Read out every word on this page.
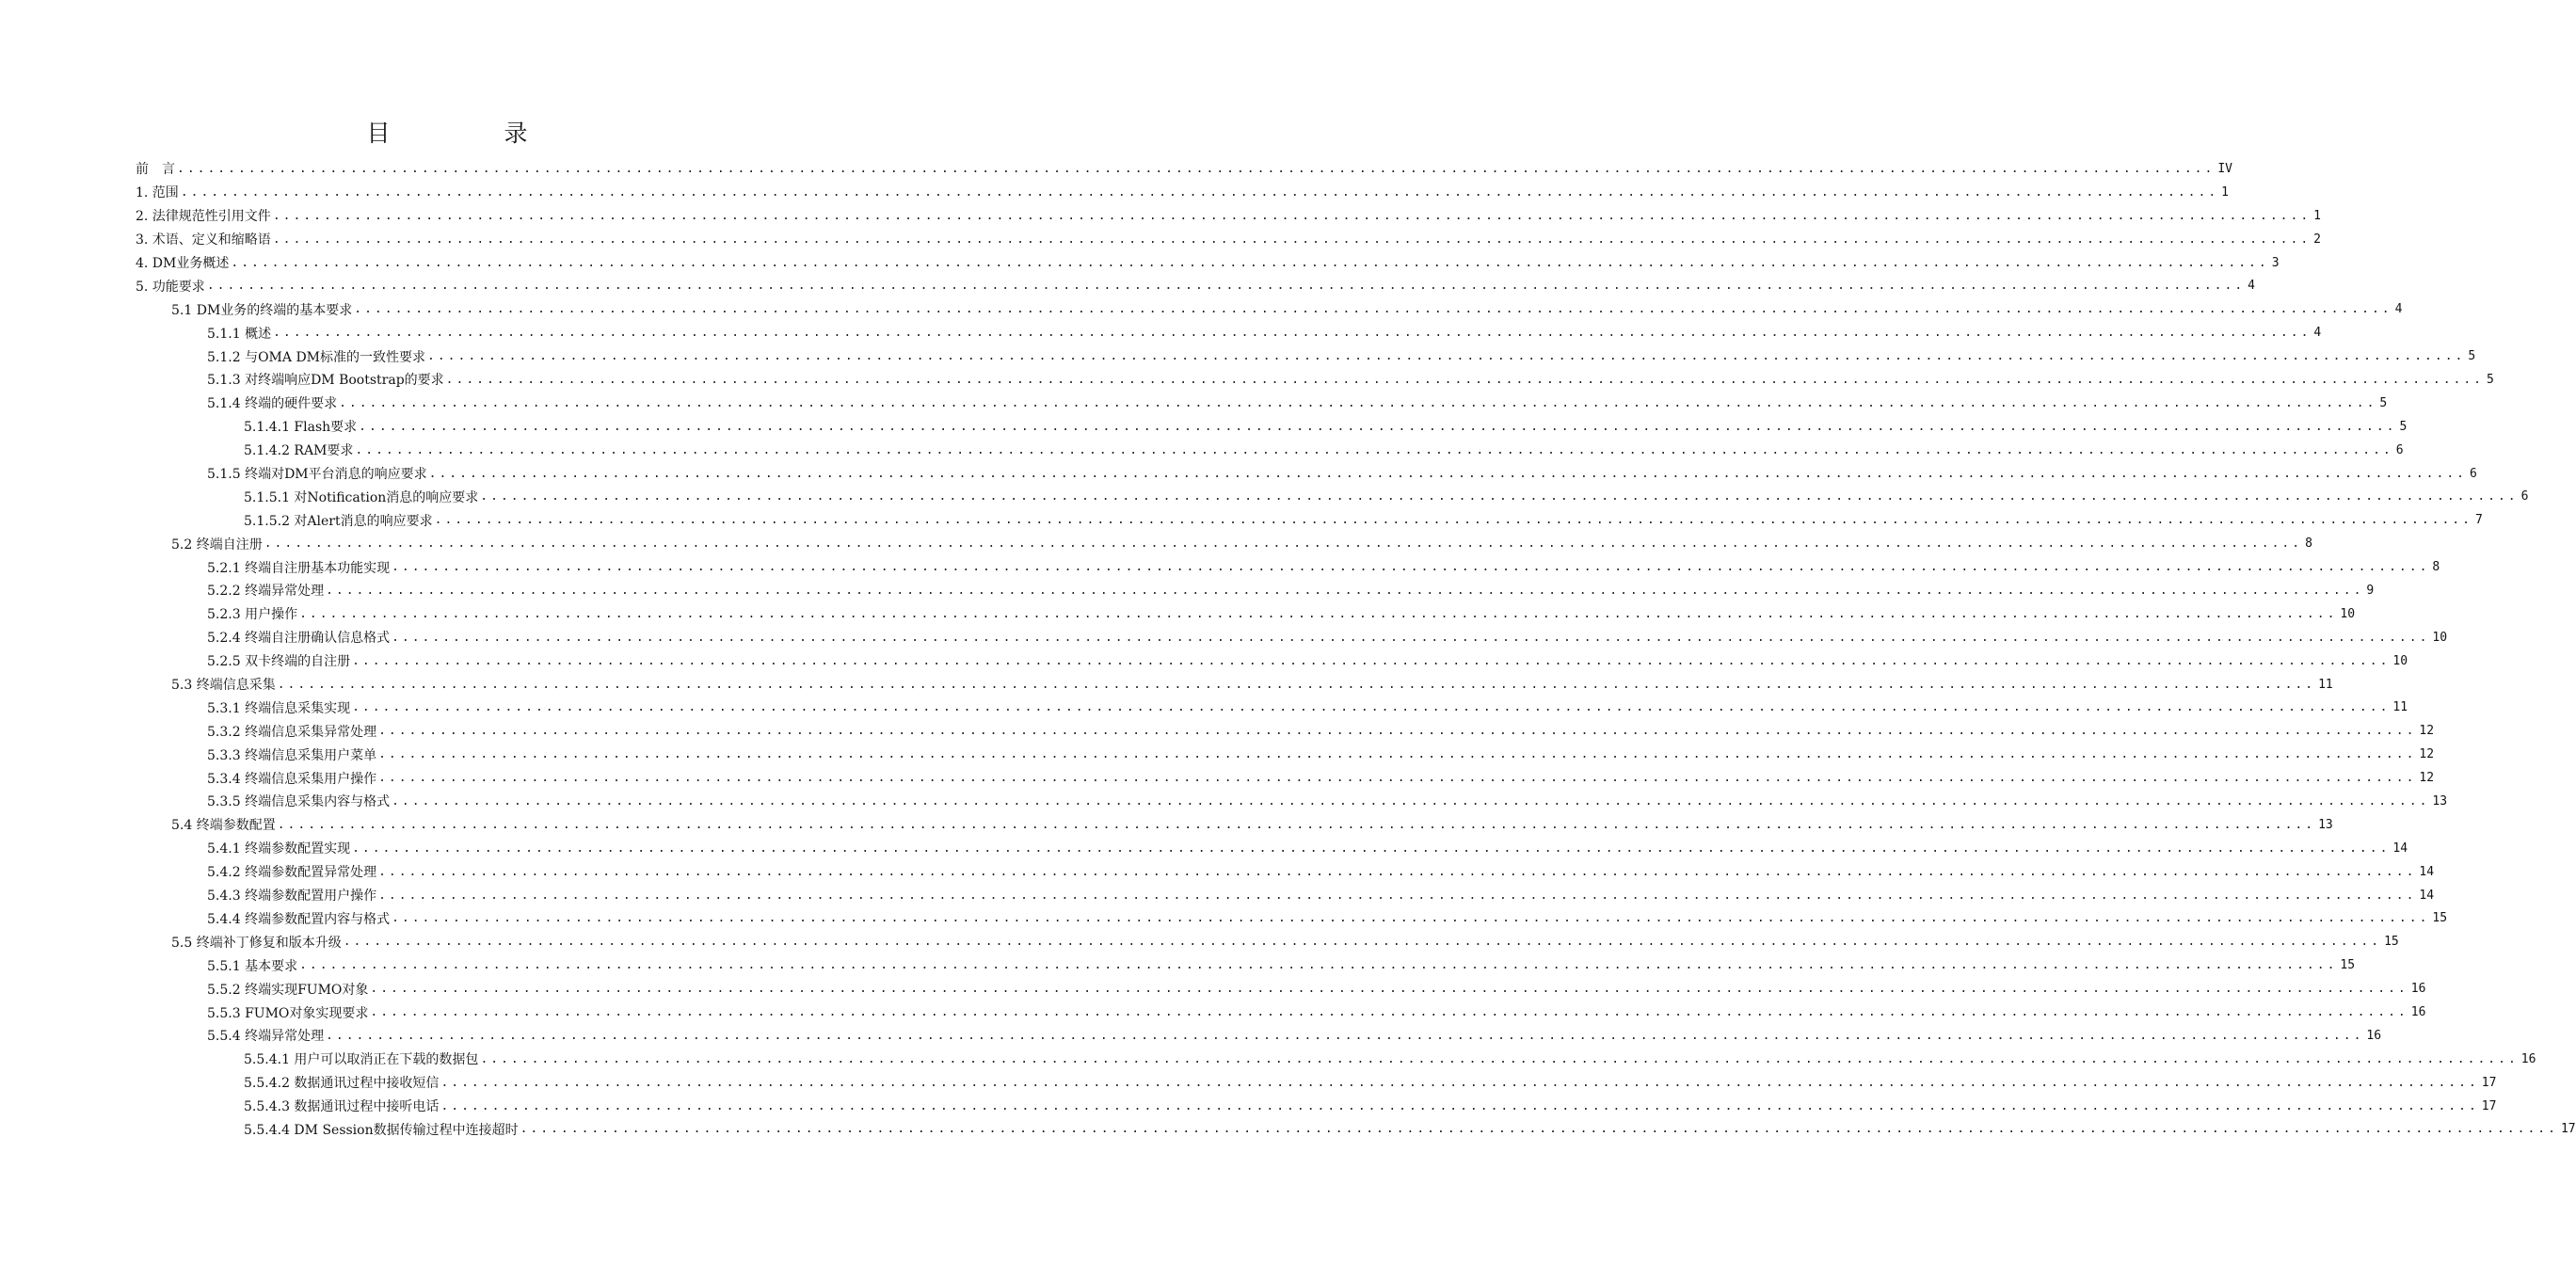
目　录
前　言 ........................................................................................................................................................................................................ IV
1. 范围 ........................................................................................................................................................................................................ 1
2. 法律规范性引用文件 ........................................................................................................................................................................................................ 1
3. 术语、定义和缩略语 ........................................................................................................................................................................................................ 2
4. DM业务概述 ........................................................................................................................................................................................................ 3
5. 功能要求 ........................................................................................................................................................................................................ 4
5.1 DM业务的终端的基本要求 ........................................................................................................................................................................................................ 4
5.1.1 概述 ........................................................................................................................................................................................................ 4
5.1.2 与OMA DM标准的一致性要求 ........................................................................................................................................................................................................ 5
5.1.3 对终端响应DM Bootstrap的要求 ........................................................................................................................................................................................................ 5
5.1.4 终端的硬件要求 ........................................................................................................................................................................................................ 5
5.1.4.1 Flash要求 ........................................................................................................................................................................................................ 5
5.1.4.2 RAM要求 ........................................................................................................................................................................................................ 6
5.1.5 终端对DM平台消息的响应要求 ........................................................................................................................................................................................................ 6
5.1.5.1 对Notification消息的响应要求 ........................................................................................................................................................................................................ 6
5.1.5.2 对Alert消息的响应要求 ........................................................................................................................................................................................................ 7
5.2 终端自注册 ........................................................................................................................................................................................................ 8
5.2.1 终端自注册基本功能实现 ........................................................................................................................................................................................................ 8
5.2.2 终端异常处理 ........................................................................................................................................................................................................ 9
5.2.3 用户操作 ........................................................................................................................................................................................................ 10
5.2.4 终端自注册确认信息格式 ........................................................................................................................................................................................................ 10
5.2.5 双卡终端的自注册 ........................................................................................................................................................................................................ 10
5.3 终端信息采集 ........................................................................................................................................................................................................ 11
5.3.1 终端信息采集实现 ........................................................................................................................................................................................................ 11
5.3.2 终端信息采集异常处理 ........................................................................................................................................................................................................ 12
5.3.3 终端信息采集用户菜单 ........................................................................................................................................................................................................ 12
5.3.4 终端信息采集用户操作 ........................................................................................................................................................................................................ 12
5.3.5 终端信息采集内容与格式 ........................................................................................................................................................................................................ 13
5.4 终端参数配置 ........................................................................................................................................................................................................ 13
5.4.1 终端参数配置实现 ........................................................................................................................................................................................................ 14
5.4.2 终端参数配置异常处理 ........................................................................................................................................................................................................ 14
5.4.3 终端参数配置用户操作 ........................................................................................................................................................................................................ 14
5.4.4 终端参数配置内容与格式 ........................................................................................................................................................................................................ 15
5.5 终端补丁修复和版本升级 ........................................................................................................................................................................................................ 15
5.5.1 基本要求 ........................................................................................................................................................................................................ 15
5.5.2 终端实现FUMO对象 ........................................................................................................................................................................................................ 16
5.5.3 FUMO对象实现要求 ........................................................................................................................................................................................................ 16
5.5.4 终端异常处理 ........................................................................................................................................................................................................ 16
5.5.4.1 用户可以取消正在下载的数据包 ........................................................................................................................................................................................................ 16
5.5.4.2 数据通讯过程中接收短信 ........................................................................................................................................................................................................ 17
5.5.4.3 数据通讯过程中接听电话 ........................................................................................................................................................................................................ 17
5.5.4.4 DM Session数据传输过程中连接超时 ........................................................................................................................................................................................................ 17
